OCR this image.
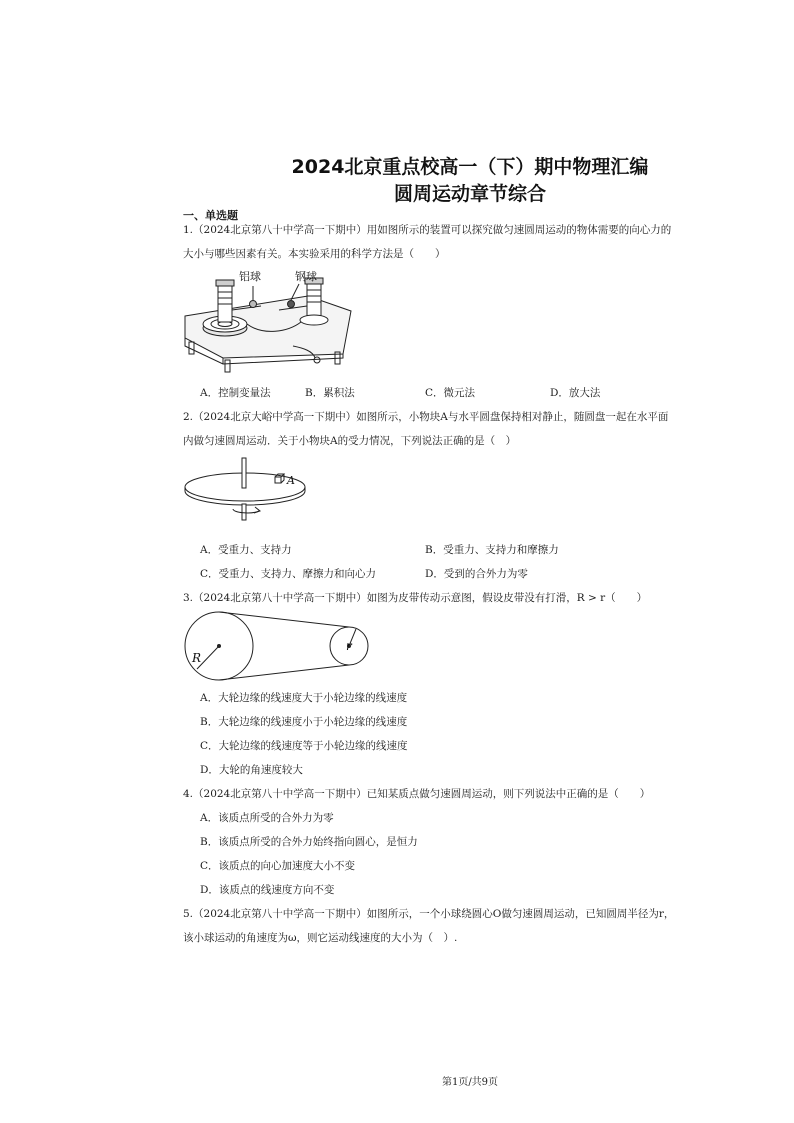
2024北京重点校高一（下）期中物理汇编
圆周运动章节综合
一、单选题
1.（2024北京第八十中学高一下期中）用如图所示的装置可以探究做匀速圆周运动的物体需要的向心力的
大小与哪些因素有关。本实验采用的科学方法是（　　）
铝球	钢球
A．控制变量法	B．累积法	C．微元法	D．放大法
2.（2024北京大峪中学高一下期中）如图所示，小物块A与水平圆盘保持相对静止，随圆盘一起在水平面
内做匀速圆周运动．关于小物块A的受力情况，下列说法正确的是（　）
A
A．受重力、支持力	B．受重力、支持力和摩擦力
C．受重力、支持力、摩擦力和向心力	D．受到的合外力为零
3.（2024北京第八十中学高一下期中）如图为皮带传动示意图，假设皮带没有打滑，R > r（　　）
R
r
A．大轮边缘的线速度大于小轮边缘的线速度
B．大轮边缘的线速度小于小轮边缘的线速度
C．大轮边缘的线速度等于小轮边缘的线速度
D．大轮的角速度较大
4.（2024北京第八十中学高一下期中）已知某质点做匀速圆周运动，则下列说法中正确的是（　　）
A．该质点所受的合外力为零
B．该质点所受的合外力始终指向圆心，是恒力
C．该质点的向心加速度大小不变
D．该质点的线速度方向不变
5.（2024北京第八十中学高一下期中）如图所示，一个小球绕圆心O做匀速圆周运动，已知圆周半径为r，
该小球运动的角速度为ω，则它运动线速度的大小为（　）.
第1页/共9页
